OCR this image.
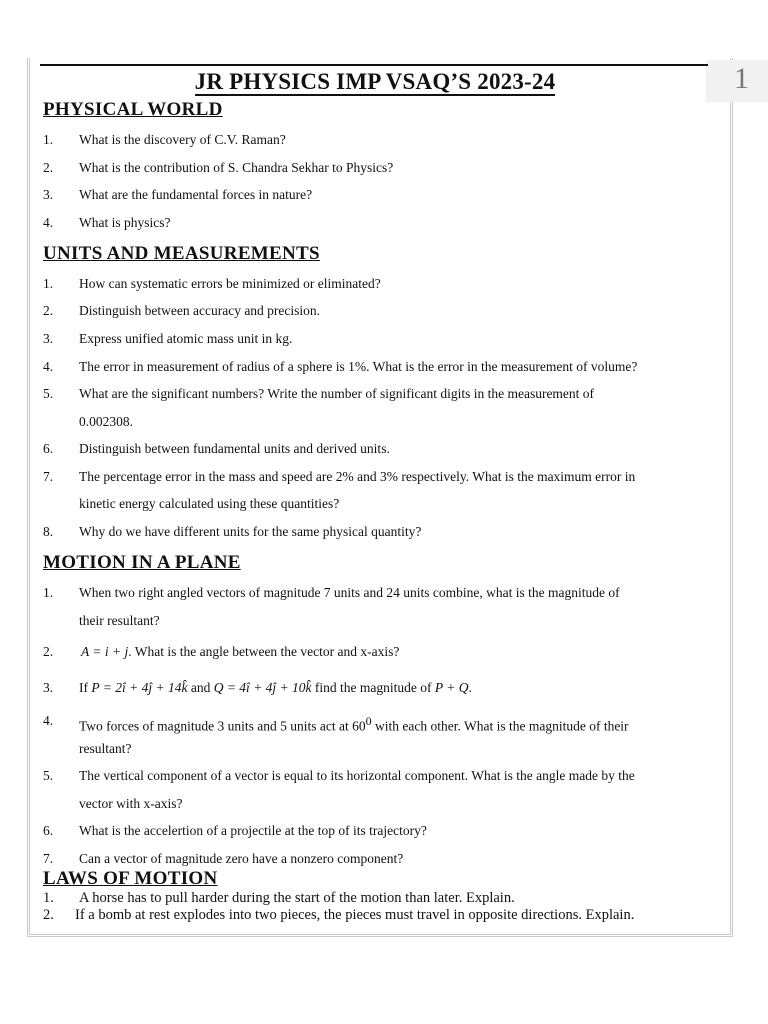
1
JR PHYSICS IMP VSAQ’S 2023-24
PHYSICAL WORLD
1. What is the discovery of C.V. Raman?
2. What is the contribution of S. Chandra Sekhar to Physics?
3. What are the fundamental forces in nature?
4. What is physics?
UNITS AND MEASUREMENTS
1. How can systematic errors be minimized or eliminated?
2. Distinguish between accuracy and precision.
3. Express unified atomic mass unit in kg.
4. The error in measurement of radius of a sphere is 1%. What is the error in the measurement of volume?
5. What are the significant numbers? Write the number of significant digits in the measurement of
0.002308.
6. Distinguish between fundamental units and derived units.
7. The percentage error in the mass and speed are 2% and 3% respectively. What is the maximum error in
kinetic energy calculated using these quantities?
8. Why do we have different units for the same physical quantity?
MOTION IN A PLANE
1. When two right angled vectors of magnitude 7 units and 24 units combine, what is the magnitude of
their resultant?
2. A = i + j. What is the angle between the vector and x-axis?
3. If P = 2î + 4ĵ + 14k̂ and Q = 4î + 4ĵ + 10k̂ find the magnitude of P + Q.
4. Two forces of magnitude 3 units and 5 units act at $60^0$ with each other. What is the magnitude of their
resultant?
5. The vertical component of a vector is equal to its horizontal component. What is the angle made by the
vector with x-axis?
6. What is the accelertion of a projectile at the top of its trajectory?
7. Can a vector of magnitude zero have a nonzero component?
LAWS OF MOTION
1. A horse has to pull harder during the start of the motion than later. Explain.
2. If a bomb at rest explodes into two pieces, the pieces must travel in opposite directions. Explain.
